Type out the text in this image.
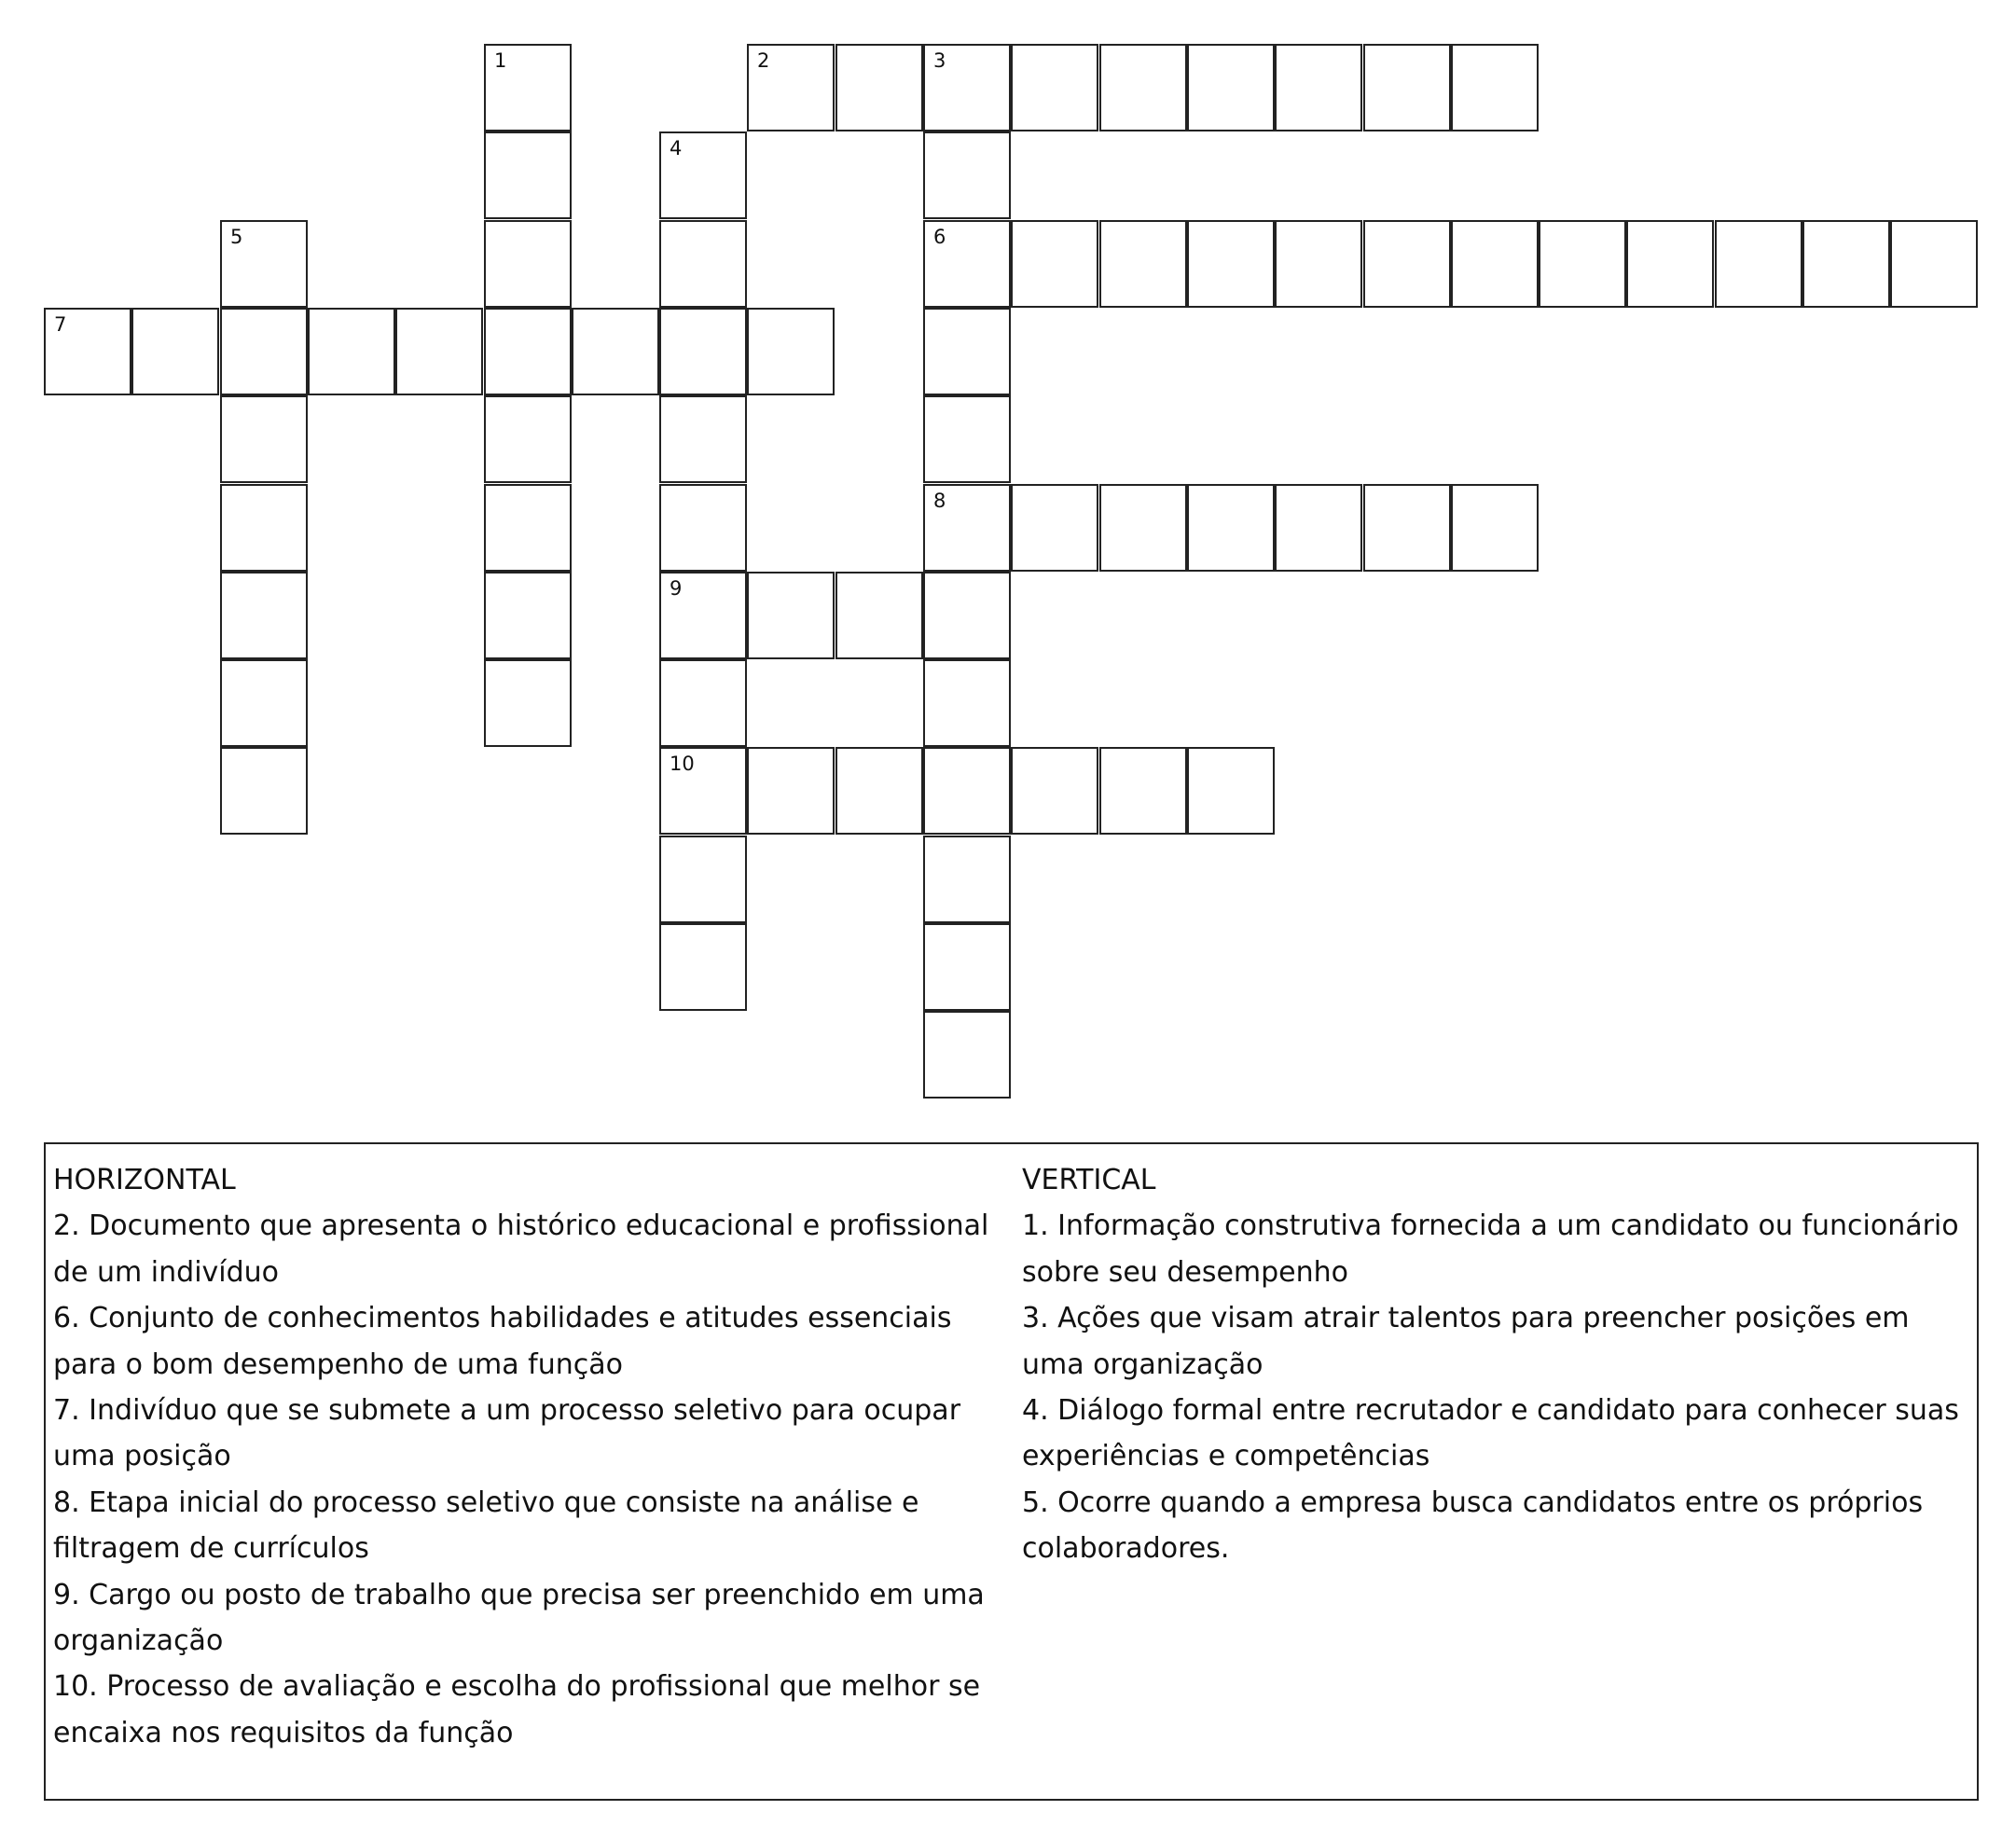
2	3
6
7
8
9
10
1
4
5
HORIZONTAL

2. Documento que apresenta o histórico educacional e profissional de um indivíduo

6. Conjunto de conhecimentos habilidades e atitudes essenciais para o bom desempenho de uma função

7. Indivíduo que se submete a um processo seletivo para ocupar uma posição

8. Etapa inicial do processo seletivo que consiste na análise e filtragem de currículos

9. Cargo ou posto de trabalho que precisa ser preenchido em uma organização

10. Processo de avaliação e escolha do profissional que melhor se encaixa nos requisitos da função

VERTICAL

1. Informação construtiva fornecida a um candidato ou funcionário sobre seu desempenho

3. Ações que visam atrair talentos para preencher posições em uma organização

4. Diálogo formal entre recrutador e candidato para conhecer suas experiências e competências

5. Ocorre quando a empresa busca candidatos entre os próprios colaboradores.
